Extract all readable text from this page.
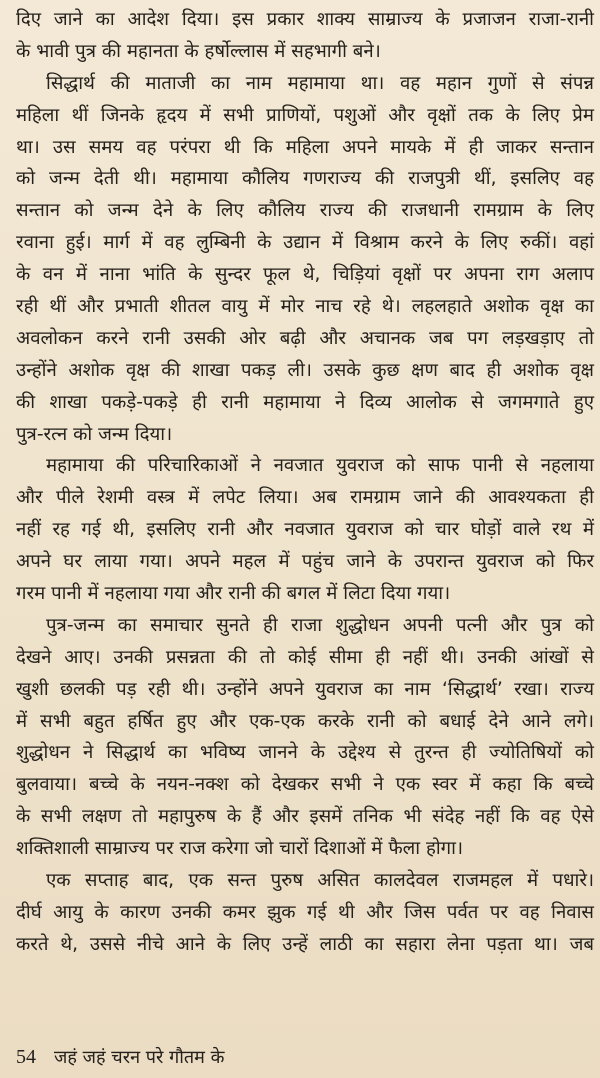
दिए जाने का आदेश दिया। इस प्रकार शाक्य साम्राज्य के प्रजाजन राजा-रानी
के भावी पुत्र की महानता के हर्षोल्लास में सहभागी बने।
सिद्धार्थ की माताजी का नाम महामाया था। वह महान गुणों से संपन्न
महिला थीं जिनके हृदय में सभी प्राणियों, पशुओं और वृक्षों तक के लिए प्रेम
था। उस समय वह परंपरा थी कि महिला अपने मायके में ही जाकर सन्तान
को जन्म देती थी। महामाया कौलिय गणराज्य की राजपुत्री थीं, इसलिए वह
सन्तान को जन्म देने के लिए कौलिय राज्य की राजधानी रामग्राम के लिए
रवाना हुई। मार्ग में वह लुम्बिनी के उद्यान में विश्राम करने के लिए रुकीं। वहां
के वन में नाना भांति के सुन्दर फूल थे, चिड़ियां वृक्षों पर अपना राग अलाप
रही थीं और प्रभाती शीतल वायु में मोर नाच रहे थे। लहलहाते अशोक वृक्ष का
अवलोकन करने रानी उसकी ओर बढ़ी और अचानक जब पग लड़खड़ाए तो
उन्होंने अशोक वृक्ष की शाखा पकड़ ली। उसके कुछ क्षण बाद ही अशोक वृक्ष
की शाखा पकड़े-पकड़े ही रानी महामाया ने दिव्य आलोक से जगमगाते हुए
पुत्र-रत्न को जन्म दिया।
महामाया की परिचारिकाओं ने नवजात युवराज को साफ पानी से नहलाया
और पीले रेशमी वस्त्र में लपेट लिया। अब रामग्राम जाने की आवश्यकता ही
नहीं रह गई थी, इसलिए रानी और नवजात युवराज को चार घोड़ों वाले रथ में
अपने घर लाया गया। अपने महल में पहुंच जाने के उपरान्त युवराज को फिर
गरम पानी में नहलाया गया और रानी की बगल में लिटा दिया गया।
पुत्र-जन्म का समाचार सुनते ही राजा शुद्धोधन अपनी पत्नी और पुत्र को
देखने आए। उनकी प्रसन्नता की तो कोई सीमा ही नहीं थी। उनकी आंखों से
खुशी छलकी पड़ रही थी। उन्होंने अपने युवराज का नाम ‘सिद्धार्थ’ रखा। राज्य
में सभी बहुत हर्षित हुए और एक-एक करके रानी को बधाई देने आने लगे।
शुद्धोधन ने सिद्धार्थ का भविष्य जानने के उद्देश्य से तुरन्त ही ज्योतिषियों को
बुलवाया। बच्चे के नयन-नक्श को देखकर सभी ने एक स्वर में कहा कि बच्चे
के सभी लक्षण तो महापुरुष के हैं और इसमें तनिक भी संदेह नहीं कि वह ऐसे
शक्तिशाली साम्राज्य पर राज करेगा जो चारों दिशाओं में फैला होगा।
एक सप्ताह बाद, एक सन्त पुरुष असित कालदेवल राजमहल में पधारे।
दीर्घ आयु के कारण उनकी कमर झुक गई थी और जिस पर्वत पर वह निवास
करते थे, उससे नीचे आने के लिए उन्हें लाठी का सहारा लेना पड़ता था। जब
54 जहं जहं चरन परे गौतम के
